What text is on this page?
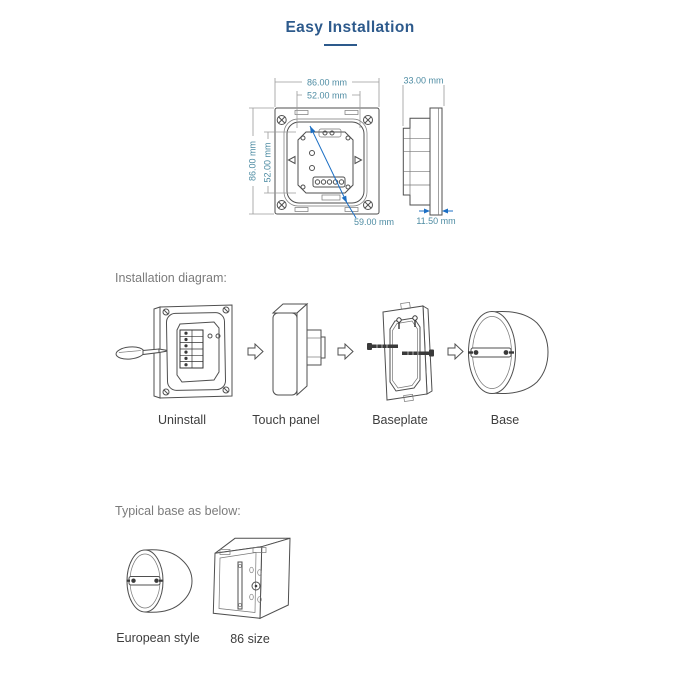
Easy Installation
86.00 mm
52.00 mm
86.00 mm 52.00 mm
59.00 mm
33.00 mm
11.50 mm
Installation diagram:
Uninstall	Touch panel	Baseplate	Base
Typical base as below:
European style 86 size
